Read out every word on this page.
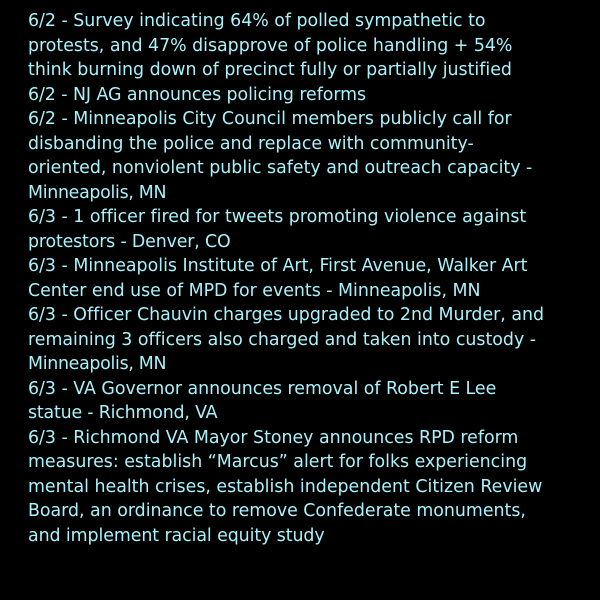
6/2 - Survey indicating 64% of polled sympathetic to
protests, and 47% disapprove of police handling + 54%
think burning down of precinct fully or partially justified
6/2 - NJ AG announces policing reforms
6/2 - Minneapolis City Council members publicly call for
disbanding the police and replace with community-
oriented, nonviolent public safety and outreach capacity -
Minneapolis, MN
6/3 - 1 officer fired for tweets promoting violence against
protestors - Denver, CO
6/3 - Minneapolis Institute of Art, First Avenue, Walker Art
Center end use of MPD for events - Minneapolis, MN
6/3 - Officer Chauvin charges upgraded to 2nd Murder, and
remaining 3 officers also charged and taken into custody -
Minneapolis, MN
6/3 - VA Governor announces removal of Robert E Lee
statue - Richmond, VA
6/3 - Richmond VA Mayor Stoney announces RPD reform
measures: establish “Marcus” alert for folks experiencing
mental health crises, establish independent Citizen Review
Board, an ordinance to remove Confederate monuments,
and implement racial equity study
